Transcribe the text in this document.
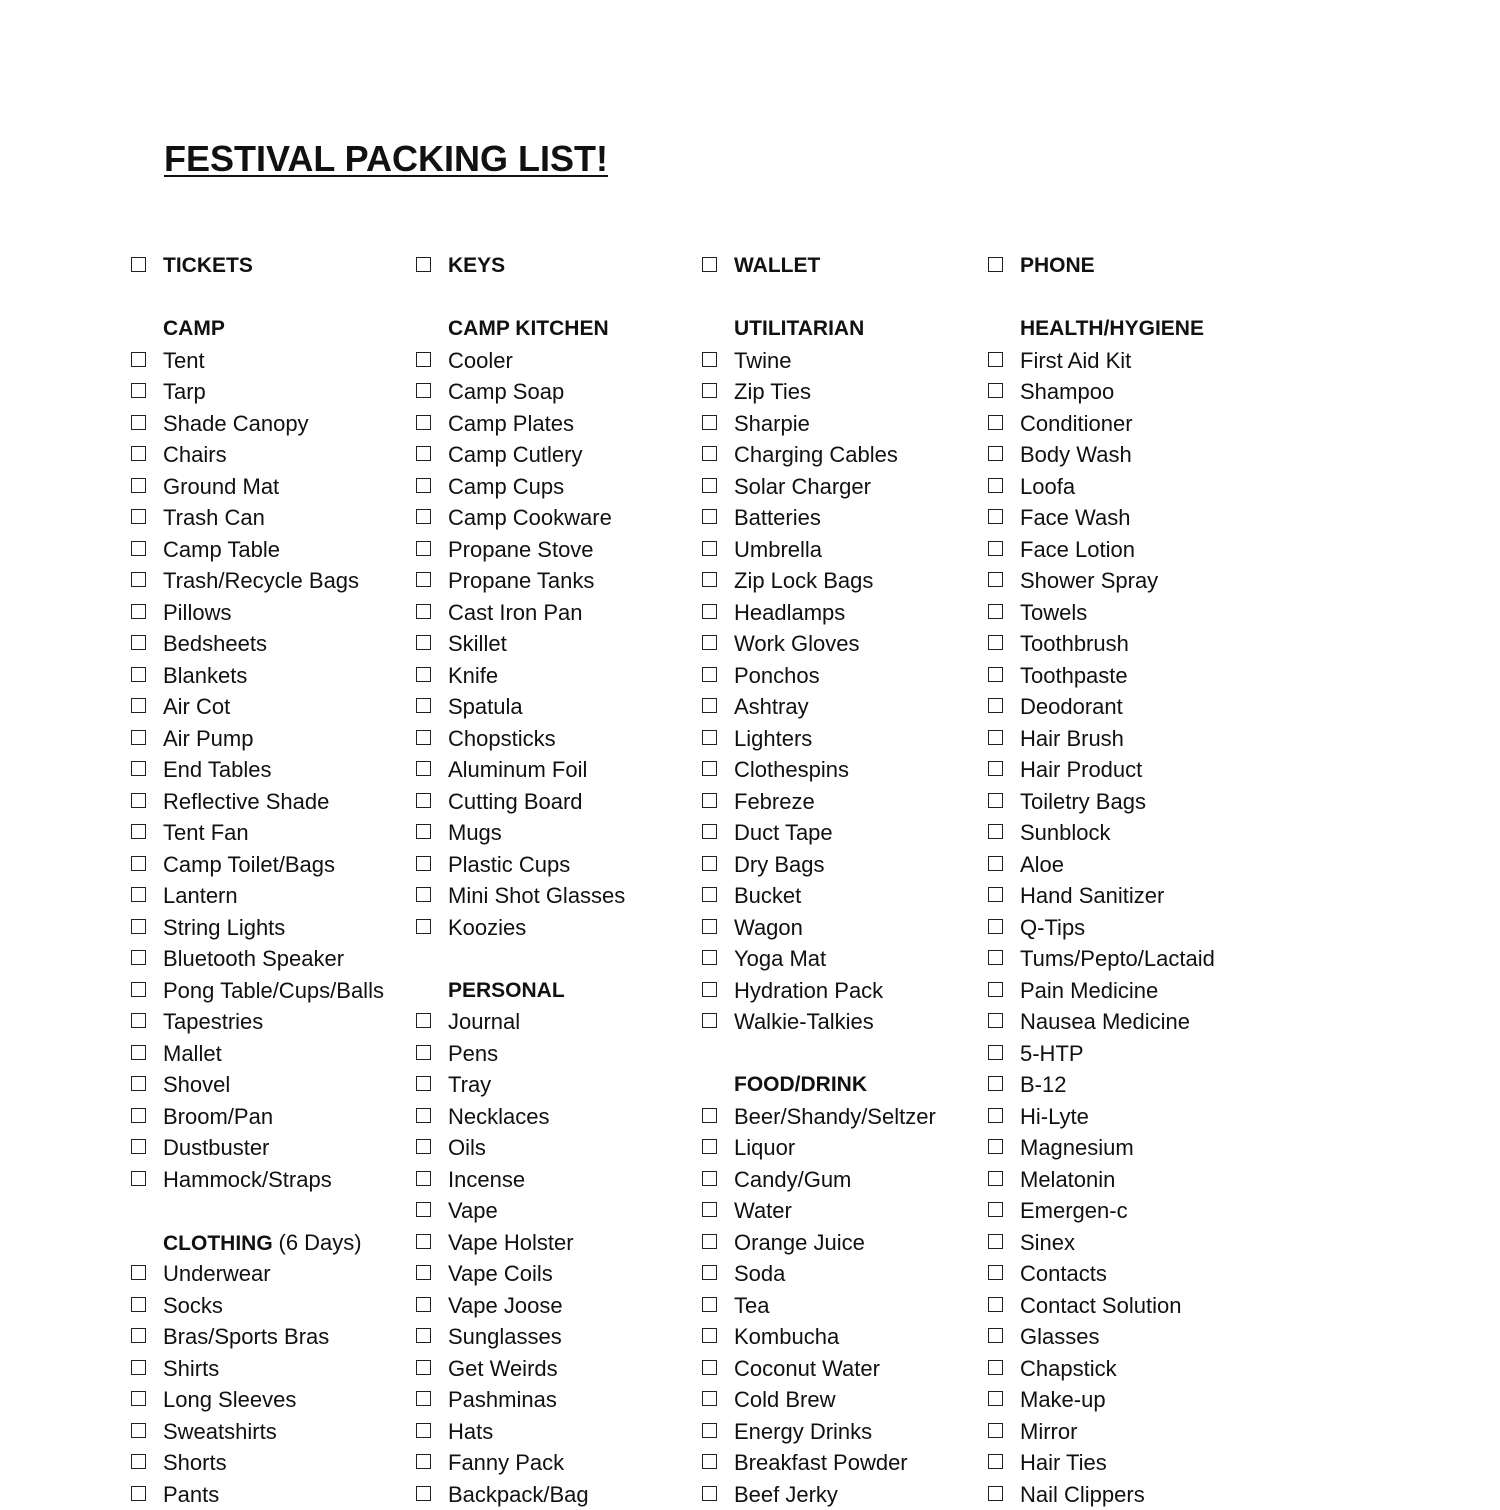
FESTIVAL PACKING LIST!
TICKETS
CAMP
Tent
Tarp
Shade Canopy
Chairs
Ground Mat
Trash Can
Camp Table
Trash/Recycle Bags
Pillows
Bedsheets
Blankets
Air Cot
Air Pump
End Tables
Reflective Shade
Tent Fan
Camp Toilet/Bags
Lantern
String Lights
Bluetooth Speaker
Pong Table/Cups/Balls
Tapestries
Mallet
Shovel
Broom/Pan
Dustbuster
Hammock/Straps
CLOTHING (6 Days)
Underwear
Socks
Bras/Sports Bras
Shirts
Long Sleeves
Sweatshirts
Shorts
Pants
KEYS
CAMP KITCHEN
Cooler
Camp Soap
Camp Plates
Camp Cutlery
Camp Cups
Camp Cookware
Propane Stove
Propane Tanks
Cast Iron Pan
Skillet
Knife
Spatula
Chopsticks
Aluminum Foil
Cutting Board
Mugs
Plastic Cups
Mini Shot Glasses
Koozies
PERSONAL
Journal
Pens
Tray
Necklaces
Oils
Incense
Vape
Vape Holster
Vape Coils
Vape Joose
Sunglasses
Get Weirds
Pashminas
Hats
Fanny Pack
Backpack/Bag
WALLET
UTILITARIAN
Twine
Zip Ties
Sharpie
Charging Cables
Solar Charger
Batteries
Umbrella
Zip Lock Bags
Headlamps
Work Gloves
Ponchos
Ashtray
Lighters
Clothespins
Febreze
Duct Tape
Dry Bags
Bucket
Wagon
Yoga Mat
Hydration Pack
Walkie-Talkies
FOOD/DRINK
Beer/Shandy/Seltzer
Liquor
Candy/Gum
Water
Orange Juice
Soda
Tea
Kombucha
Coconut Water
Cold Brew
Energy Drinks
Breakfast Powder
Beef Jerky
PHONE
HEALTH/HYGIENE
First Aid Kit
Shampoo
Conditioner
Body Wash
Loofa
Face Wash
Face Lotion
Shower Spray
Towels
Toothbrush
Toothpaste
Deodorant
Hair Brush
Hair Product
Toiletry Bags
Sunblock
Aloe
Hand Sanitizer
Q-Tips
Tums/Pepto/Lactaid
Pain Medicine
Nausea Medicine
5-HTP
B-12
Hi-Lyte
Magnesium
Melatonin
Emergen-c
Sinex
Contacts
Contact Solution
Glasses
Chapstick
Make-up
Mirror
Hair Ties
Nail Clippers
